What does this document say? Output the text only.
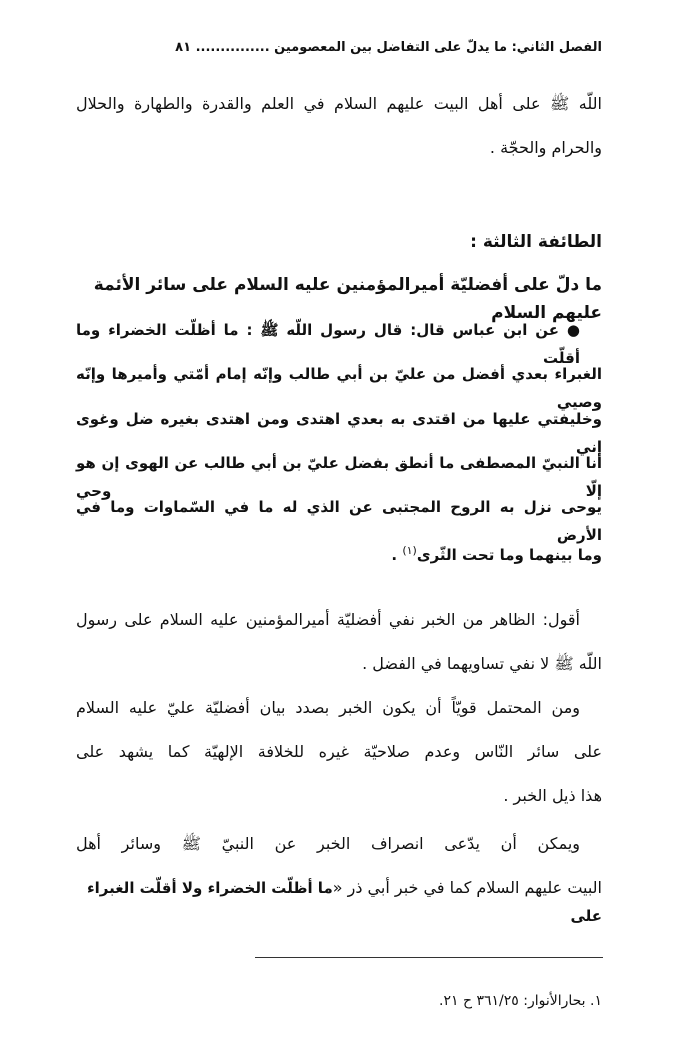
الفصل الثاني: ما يدلّ على التفاضل بين المعصومين ............... ٨١
اللّه ﷺ على أهل البيت عليهم السلام في العلم والقدرة والطهارة والحلال
والحرام والحجّة .
الطائفة الثالثة :
ما دلّ على أفضليّة أميرالمؤمنين عليه السلام على سائر الأئمة عليهم السلام
● عن ابن عباس قال: قال رسول اللّه ﷺ : ما أظلّت الخضراء وما أقلّت
الغبراء بعدي أفضل من عليّ بن أبي طالب وإنّه إمام أمّتي وأميرها وإنّه وصيي
وخليفتي عليها من اقتدى به بعدي اهتدى ومن اهتدى بغيره ضل وغوى إني
أنا النبيّ المصطفى ما أنطق بفضل عليّ بن أبي طالب عن الهوى إن هو إلّا وحي
يوحى نزل به الروح المجتبى عن الذي له ما في السّماوات وما في الأرض
وما بينهما وما تحت الثّرى$^{(١)}$ .
أقول: الظاهر من الخبر نفي أفضليّة أميرالمؤمنين عليه السلام على رسول
اللّه ﷺ لا نفي تساويهما في الفضل .
ومن المحتمل قويّاً أن يكون الخبر بصدد بيان أفضليّة عليّ عليه السلام
على سائر النّاس وعدم صلاحيّة غيره للخلافة الإلهيّة كما يشهد على
هذا ذيل الخبر .
ويمكن أن يدّعى انصراف الخبر عن النبيّ ﷺ وسائر أهل
البيت عليهم السلام كما في خبر أبي ذر «ما أظلّت الخضراء ولا أقلّت الغبراء على
١. بحارالأنوار: ٣٦١/٢٥ ح ٢١.
